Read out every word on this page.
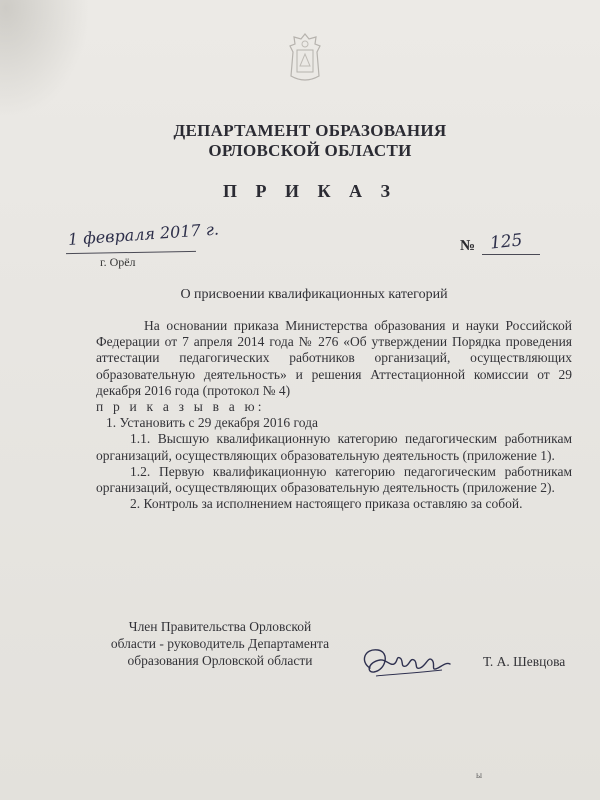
ДЕПАРТАМЕНТ ОБРАЗОВАНИЯ
ОРЛОВСКОЙ ОБЛАСТИ
П Р И К А З
1 февраля 2017 г.
г. Орёл
№ 125
О присвоении квалификационных категорий

На основании приказа Министерства образования и науки Российской Федерации от 7 апреля 2014 года № 276 «Об утверждении Порядка проведения аттестации педагогических работников организаций, осуществляющих образовательную деятельность» и решения Аттестационной комиссии от 29 декабря 2016 года (протокол № 4)

п р и к а з ы в а ю:

1. Установить с 29 декабря 2016 года

1.1. Высшую квалификационную категорию педагогическим работникам организаций, осуществляющих образовательную деятельность (приложение 1).

1.2. Первую квалификационную категорию педагогическим работникам организаций, осуществляющих образовательную деятельность (приложение 2).

2. Контроль за исполнением настоящего приказа оставляю за собой.

Член Правительства Орловской
области - руководитель Департамента
образования Орловской области	Т. А. Шевцова
ы
